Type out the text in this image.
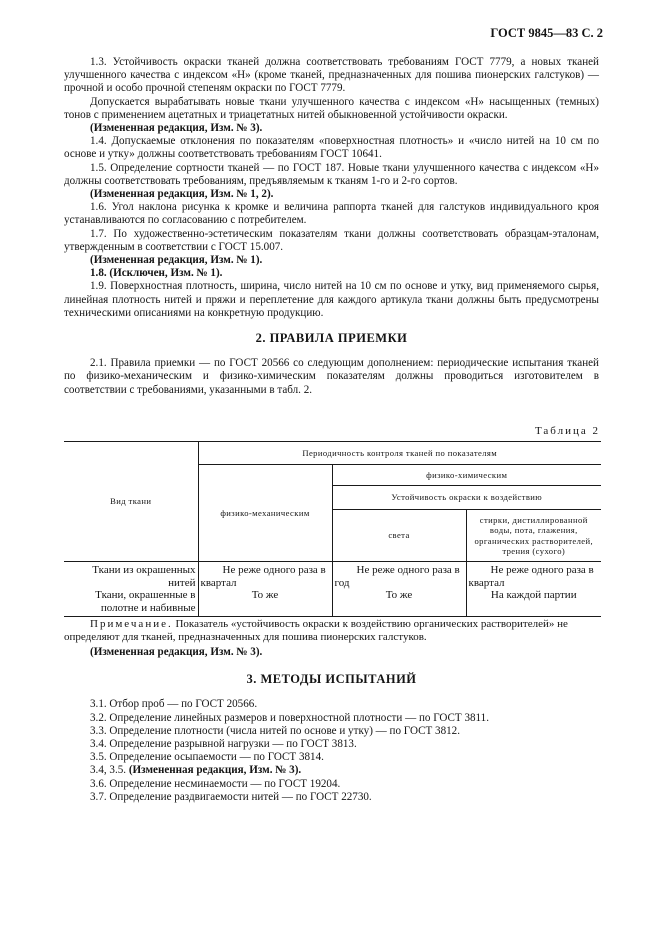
ГОСТ 9845—83 С. 2

1.3. Устойчивость окраски тканей должна соответствовать требованиям ГОСТ 7779, а новых тканей улучшенного качества с индексом «Н» (кроме тканей, предназначенных для пошива пионерских галстуков) — прочной и особо прочной степеням окраски по ГОСТ 7779.

Допускается вырабатывать новые ткани улучшенного качества с индексом «Н» насыщенных (темных) тонов с применением ацетатных и триацетатных нитей обыкновенной устойчивости окраски.

(Измененная редакция, Изм. № 3).

1.4. Допускаемые отклонения по показателям «поверхностная плотность» и «число нитей на 10 см по основе и утку» должны соответствовать требованиям ГОСТ 10641.

1.5. Определение сортности тканей — по ГОСТ 187. Новые ткани улучшенного качества с индексом «Н» должны соответствовать требованиям, предъявляемым к тканям 1-го и 2-го сортов.

(Измененная редакция, Изм. № 1, 2).

1.6. Угол наклона рисунка к кромке и величина раппорта тканей для галстуков индивидуального кроя устанавливаются по согласованию с потребителем.

1.7. По художественно-эстетическим показателям ткани должны соответствовать образцам-эталонам, утвержденным в соответствии с ГОСТ 15.007.

(Измененная редакция, Изм. № 1).

1.8. (Исключен, Изм. № 1).

1.9. Поверхностная плотность, ширина, число нитей на 10 см по основе и утку, вид применяемого сырья, линейная плотность нитей и пряжи и переплетение для каждого артикула ткани должны быть предусмотрены техническими описаниями на конкретную продукцию.

2. ПРАВИЛА ПРИЕМКИ

2.1. Правила приемки — по ГОСТ 20566 со следующим дополнением: периодические испытания тканей по физико-механическим и физико-химическим показателям должны проводиться изготовителем в соответствии с требованиями, указанными в табл. 2.

Таблица 2
Вид ткани	Периодичность контроля тканей по показателям		
	физико-механическим	физико-химическим	
		Устойчивость окраски к воздействию	
		света	стирки, дистиллированной воды, пота, глажения, органических растворителей, трения (сухого)
Ткани из окрашенных нитей	Не реже одного раза в квартал	Не реже одного раза в год	Не реже одного раза в квартал
Ткани, окрашенные в полотне и набивные	То же	То же	На каждой партии
Примечание. Показатель «устойчивость окраски к воздействию органических растворителей» не определяют для тканей, предназначенных для пошива пионерских галстуков.

(Измененная редакция, Изм. № 3).

3. МЕТОДЫ ИСПЫТАНИЙ

3.1. Отбор проб — по ГОСТ 20566.

3.2. Определение линейных размеров и поверхностной плотности — по ГОСТ 3811.

3.3. Определение плотности (числа нитей по основе и утку) — по ГОСТ 3812.

3.4. Определение разрывной нагрузки — по ГОСТ 3813.

3.5. Определение осыпаемости — по ГОСТ 3814.

3.4, 3.5. (Измененная редакция, Изм. № 3).

3.6. Определение несминаемости — по ГОСТ 19204.

3.7. Определение раздвигаемости нитей — по ГОСТ 22730.
